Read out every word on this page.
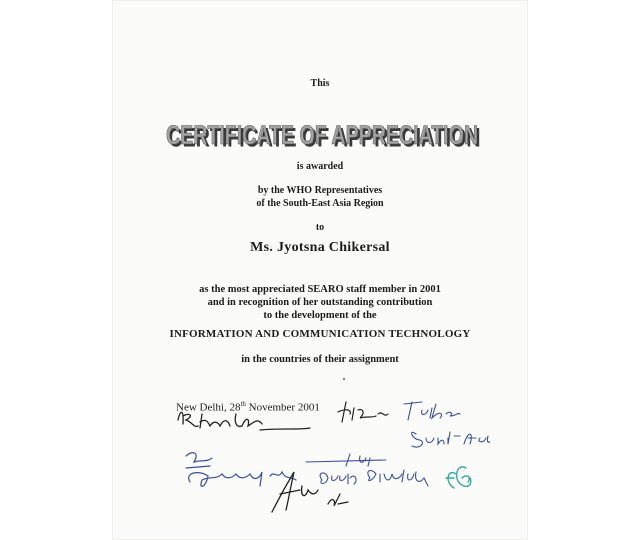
This
CERTIFICATE OF APPRECIATION
CERTIFICATE OF APPRECIATION
is awarded
by the WHO Representatives
of the South-East Asia Region
to
Ms. Jyotsna Chikersal
as the most appreciated SEARO staff member in 2001
and in recognition of her outstanding contribution
to the development of the
INFORMATION AND COMMUNICATION TECHNOLOGY
in the countries of their assignment
New Delhi, 28th November 2001
